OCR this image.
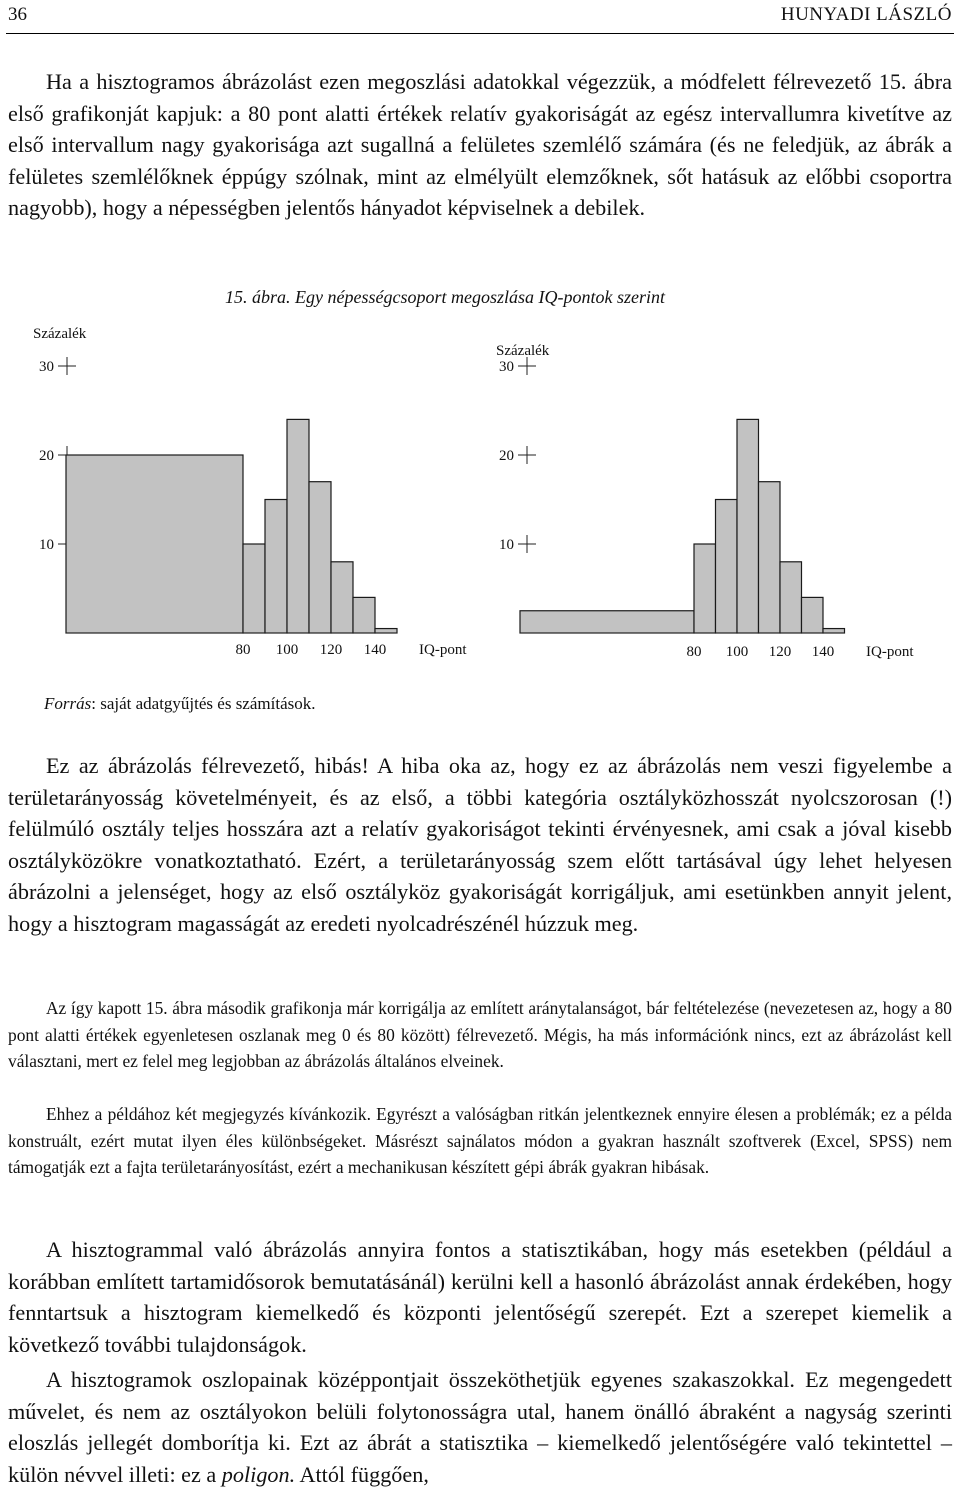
36	HUNYADI LÁSZLÓ

Ha a hisztogramos ábrázolást ezen megoszlási adatokkal végezzük, a módfelett félrevezető 15. ábra első grafikonját kapjuk: a 80 pont alatti értékek relatív gyakoriságát az egész intervallumra kivetítve az első intervallum nagy gyakorisága azt sugallná a felületes szemlélő számára (és ne feledjük, az ábrák a felületes szemlélőknek éppúgy szólnak, mint az elmélyült elemzőknek, sőt hatásuk az előbbi csoportra nagyobb), hogy a népességben jelentős hányadot képviselnek a debilek.

15. ábra. Egy népességcsoport megoszlása IQ-pontok szerint
Százalék
10
20
30
80 100 120 140 IQ-pont
Százalék
10
20
30
80 100 120 140 IQ-pont
Forrás: saját adatgyűjtés és számítások.

Ez az ábrázolás félrevezető, hibás! A hiba oka az, hogy ez az ábrázolás nem veszi figyelembe a területarányosság követelményeit, és az első, a többi kategória osztályközhosszát nyolcszorosan (!) felülmúló osztály teljes hosszára azt a relatív gyakoriságot tekinti érvényesnek, ami csak a jóval kisebb osztályközökre vonatkoztatható. Ezért, a területarányosság szem előtt tartásával úgy lehet helyesen ábrázolni a jelenséget, hogy az első osztályköz gyakoriságát korrigáljuk, ami esetünkben annyit jelent, hogy a hisztogram magasságát az eredeti nyolcadrészénél húzzuk meg.

Az így kapott 15. ábra második grafikonja már korrigálja az említett aránytalanságot, bár feltételezése (nevezetesen az, hogy a 80 pont alatti értékek egyenletesen oszlanak meg 0 és 80 között) félrevezető. Mégis, ha más információnk nincs, ezt az ábrázolást kell választani, mert ez felel meg legjobban az ábrázolás általános elveinek.

Ehhez a példához két megjegyzés kívánkozik. Egyrészt a valóságban ritkán jelentkeznek ennyire élesen a problémák; ez a példa konstruált, ezért mutat ilyen éles különbségeket. Másrészt sajnálatos módon a gyakran használt szoftverek (Excel, SPSS) nem támogatják ezt a fajta területarányosítást, ezért a mechanikusan készített gépi ábrák gyakran hibásak.

A hisztogrammal való ábrázolás annyira fontos a statisztikában, hogy más esetekben (például a korábban említett tartamidősorok bemutatásánál) kerülni kell a hasonló ábrázolást annak érdekében, hogy fenntartsuk a hisztogram kiemelkedő és központi jelentőségű szerepét. Ezt a szerepet kiemelik a következő további tulajdonságok.

A hisztogramok oszlopainak középpontjait összeköthetjük egyenes szakaszokkal. Ez megengedett művelet, és nem az osztályokon belüli folytonosságra utal, hanem önálló ábraként a nagyság szerinti eloszlás jellegét domborítja ki. Ezt az ábrát a statisztika – kiemelkedő jelentőségére való tekintettel – külön névvel illeti: ez a poligon. Attól függően,
